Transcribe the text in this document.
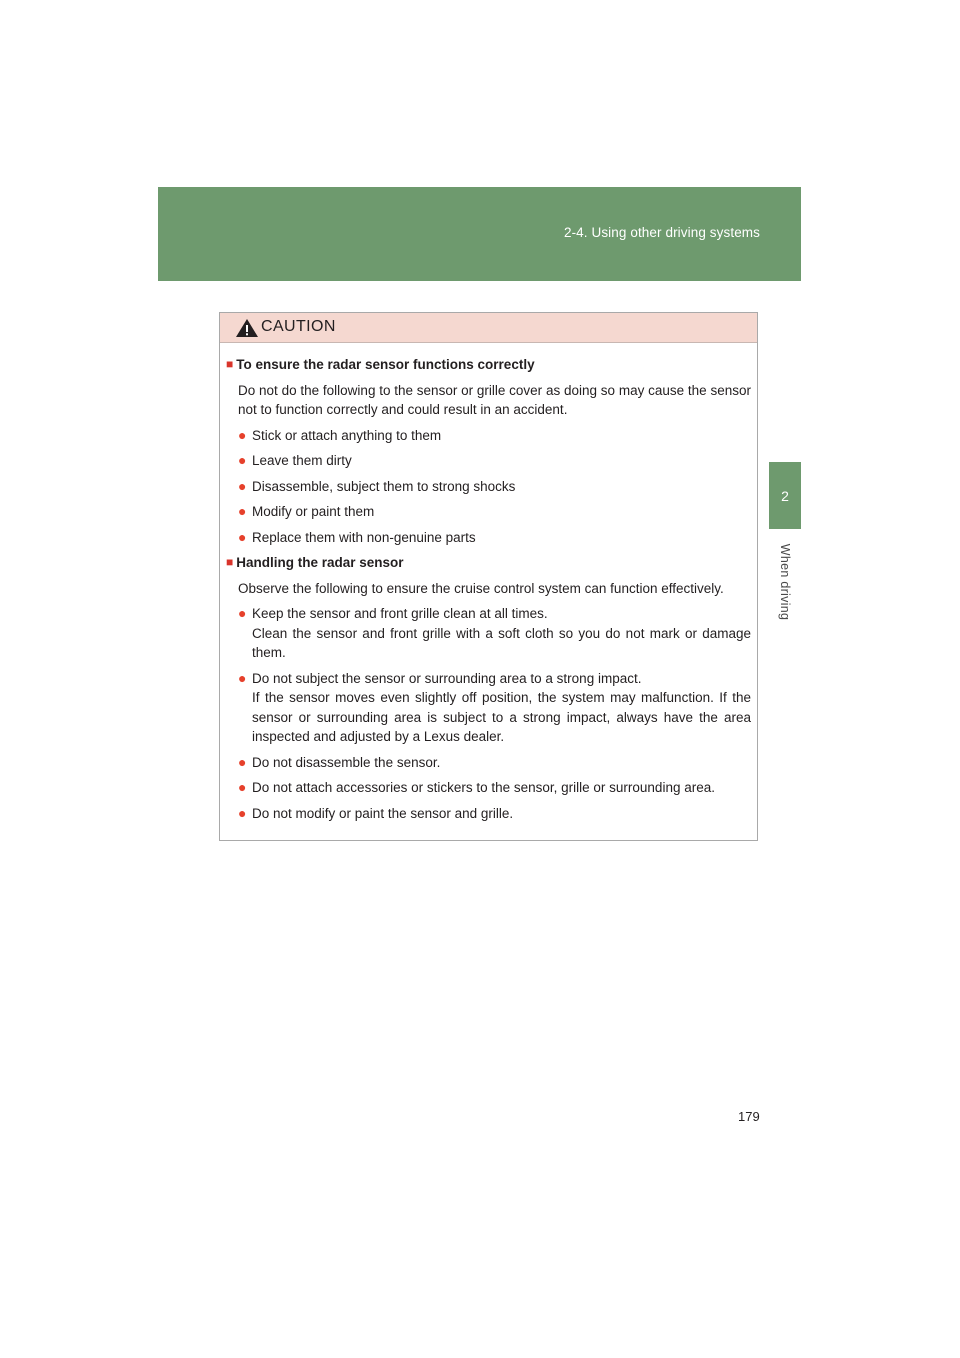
2-4. Using other driving systems
2
When driving
CAUTION
■ To ensure the radar sensor functions correctly
Do not do the following to the sensor or grille cover as doing so may cause the sensor not to function correctly and could result in an accident.
● Stick or attach anything to them
● Leave them dirty
● Disassemble, subject them to strong shocks
● Modify or paint them
● Replace them with non-genuine parts
■ Handling the radar sensor
Observe the following to ensure the cruise control system can function effectively.
● Keep the sensor and front grille clean at all times.
Clean the sensor and front grille with a soft cloth so you do not mark or damage them.
● Do not subject the sensor or surrounding area to a strong impact.
If the sensor moves even slightly off position, the system may malfunction. If the sensor or surrounding area is subject to a strong impact, always have the area inspected and adjusted by a Lexus dealer.
● Do not disassemble the sensor.
● Do not attach accessories or stickers to the sensor, grille or surrounding area.
● Do not modify or paint the sensor and grille.
179
